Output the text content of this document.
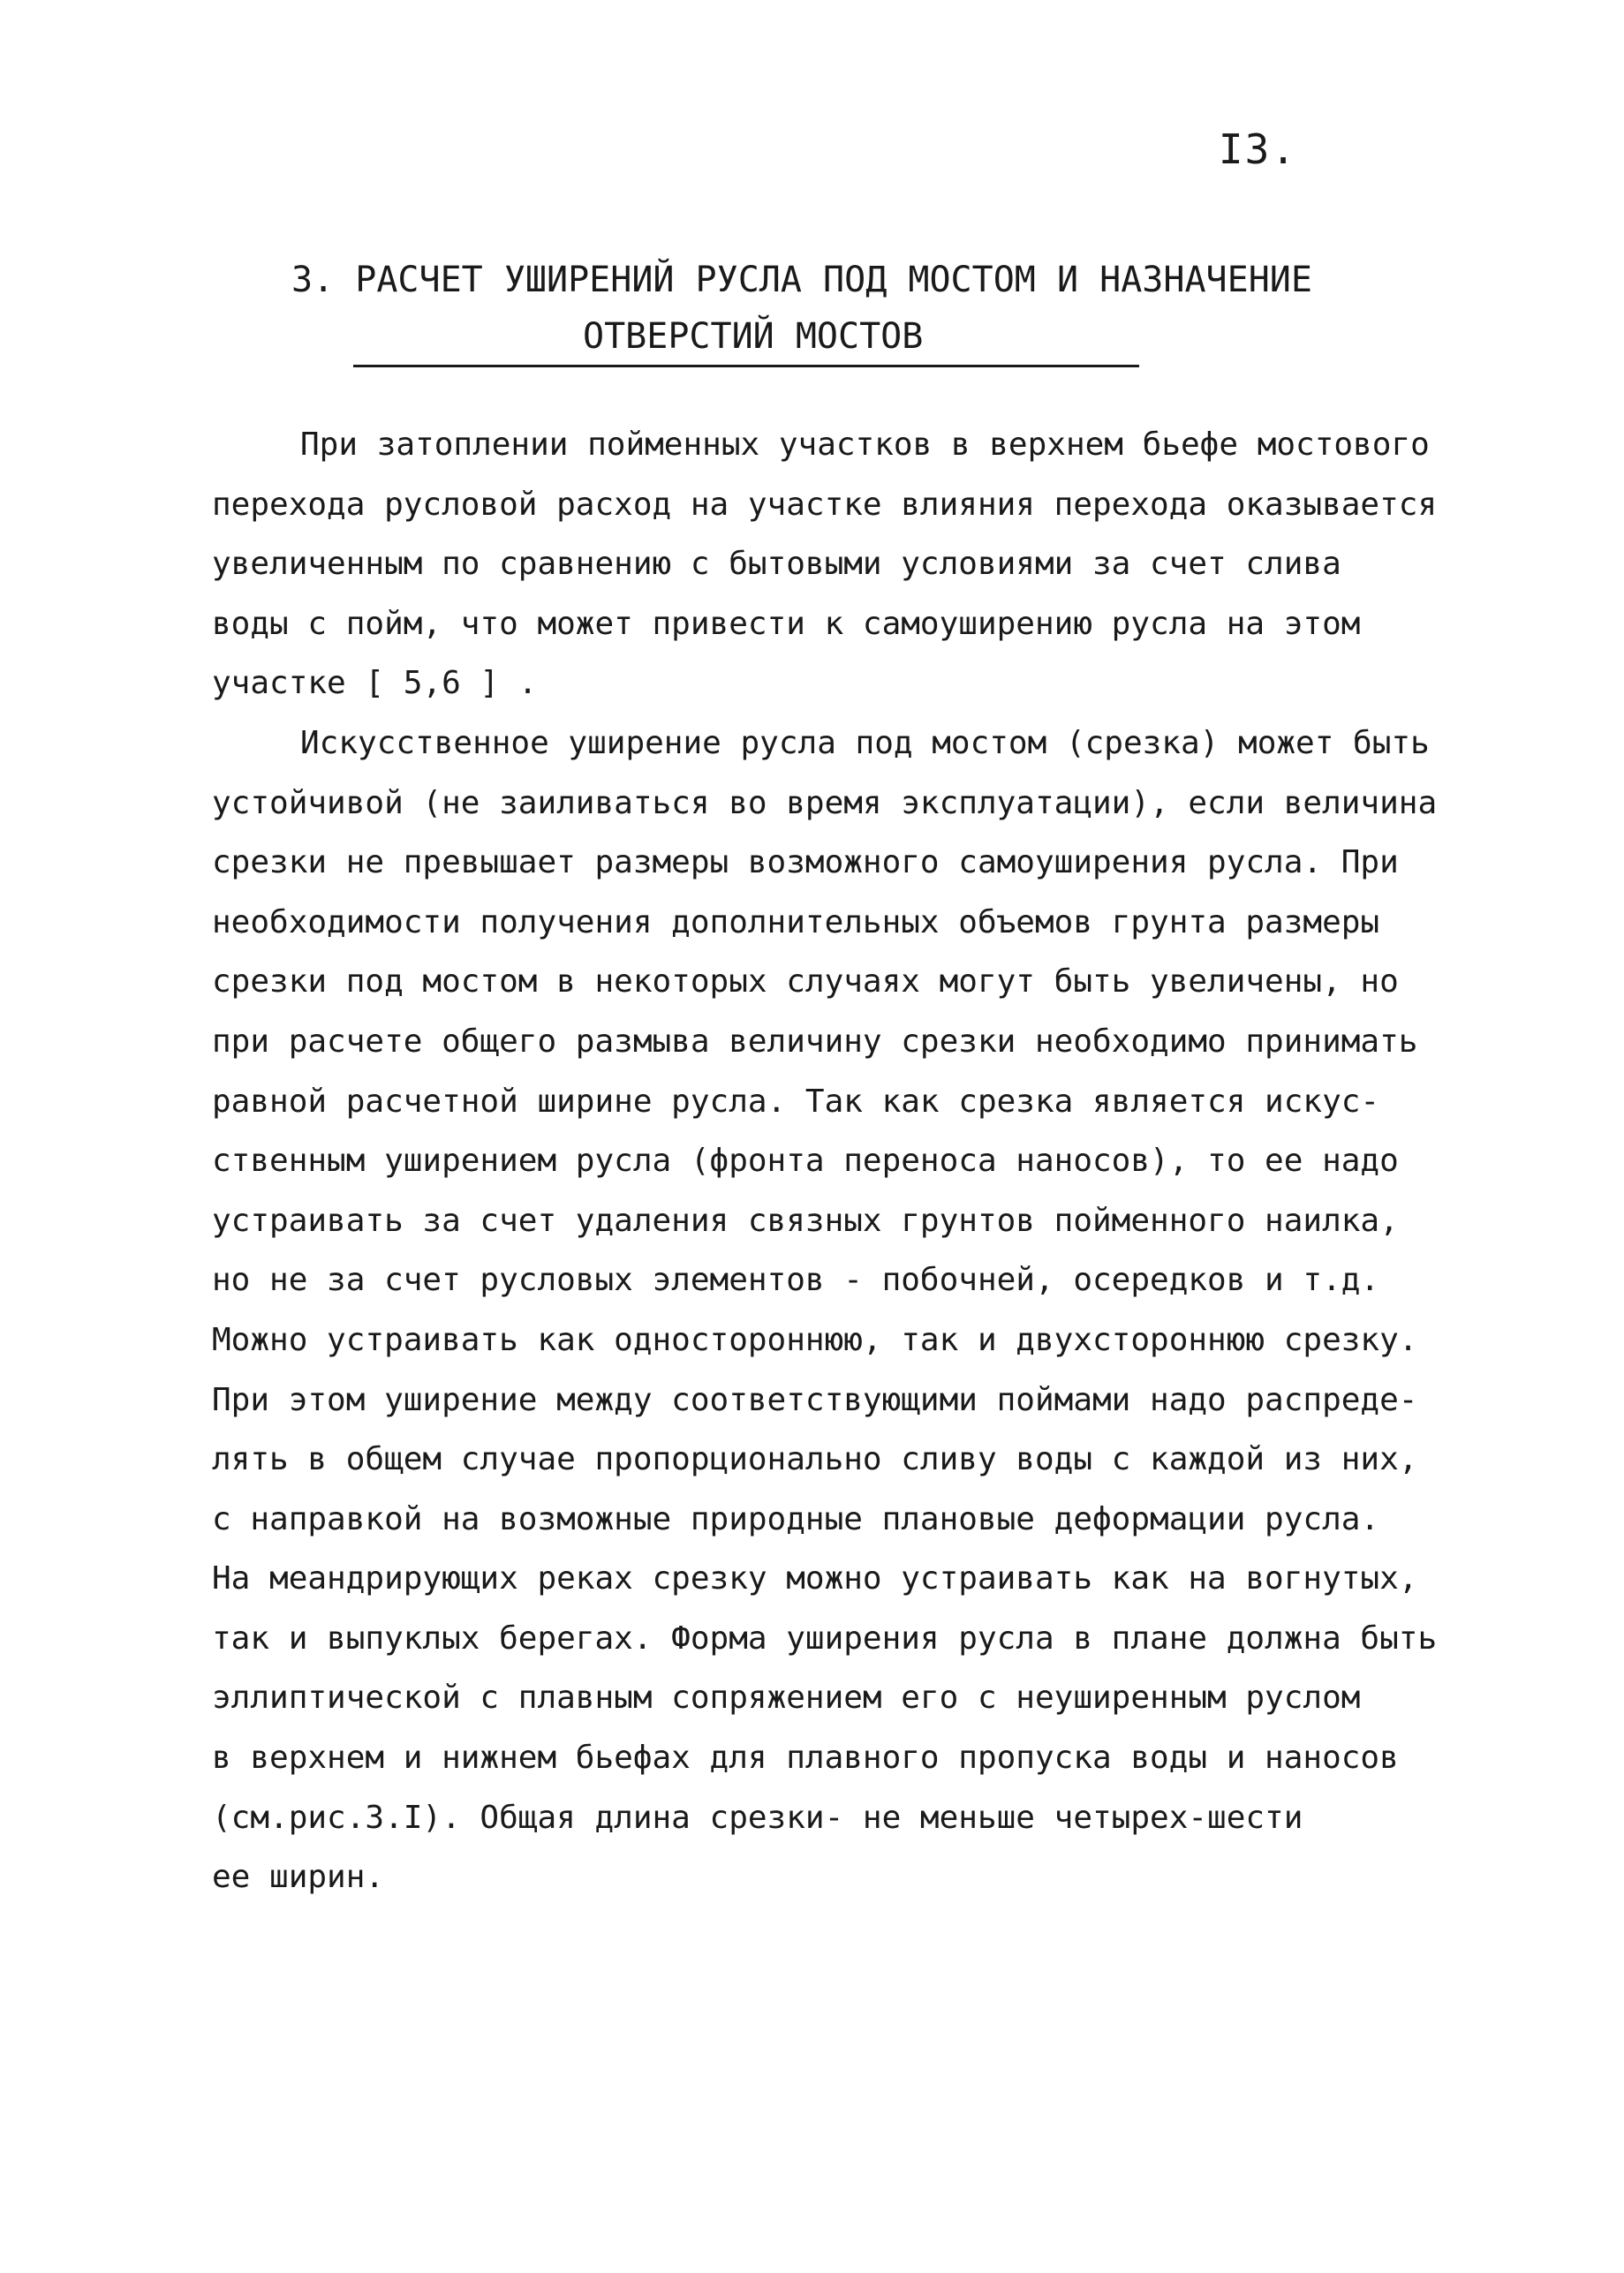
I3.
3. РАСЧЕТ УШИРЕНИЙ РУСЛА ПОД МОСТОМ И НАЗНАЧЕНИЕ
ОТВЕРСТИЙ МОСТОВ
При затоплении пойменных участков в верхнем бьефе мостового
перехода русловой расход на участке влияния перехода оказывается
увеличенным по сравнению с бытовыми условиями за счет слива
воды с пойм, что может привести к самоуширению русла на этом
участке [ 5,6 ] .
Искусственное уширение русла под мостом (срезка) может быть
устойчивой (не заиливаться во время эксплуатации), если величина
срезки не превышает размеры возможного самоуширения русла. При
необходимости получения дополнительных объемов грунта размеры
срезки под мостом в некоторых случаях могут быть увеличены, но
при расчете общего размыва величину срезки необходимо принимать
равной расчетной ширине русла. Так как срезка является искус-
ственным уширением русла (фронта переноса наносов), то ее надо
устраивать за счет удаления связных грунтов пойменного наилка,
но не за счет русловых элементов - побочней, осередков и т.д.
Можно устраивать как одностороннюю, так и двухстороннюю срезку.
При этом уширение между соответствующими поймами надо распреде-
лять в общем случае пропорционально сливу воды с каждой из них,
с направкой на возможные природные плановые деформации русла.
На меандрирующих реках срезку можно устраивать как на вогнутых,
так и выпуклых берегах. Форма уширения русла в плане должна быть
эллиптической с плавным сопряжением его с неуширенным руслом
в верхнем и нижнем бьефах для плавного пропуска воды и наносов
(см.рис.3.I). Общая длина срезки- не меньше четырех-шести
ее ширин.
